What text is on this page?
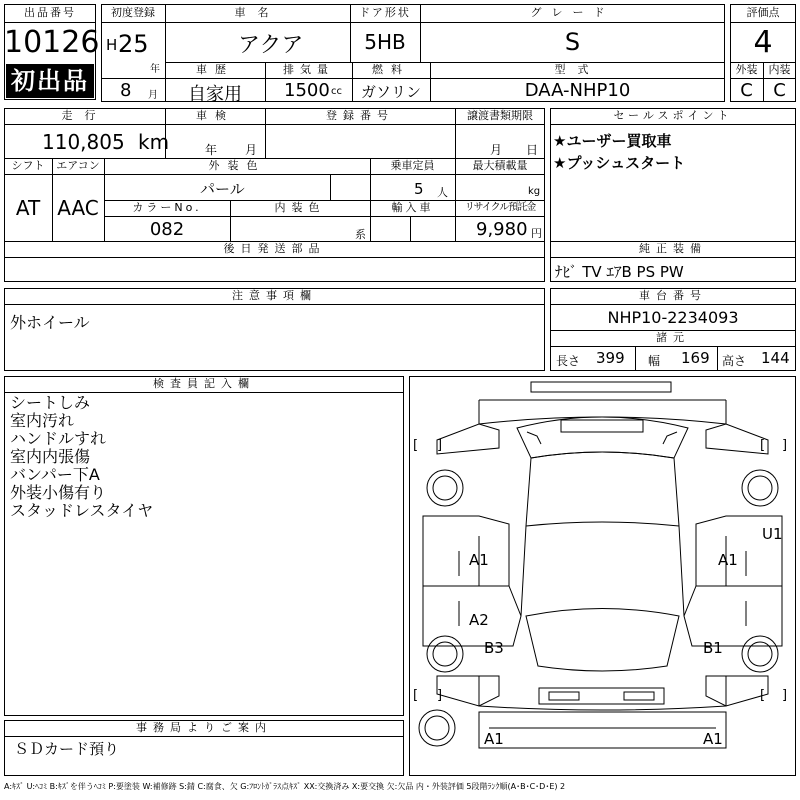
出品番号
10126
初出品
初度登録
H 25
年
8 月
車名
アクア
ドア形状
5HB
グレード
S
車歴
自家用
排気量
1500 cc
燃料
ガソリン
型式
DAA-NHP10
評価点
4
外装	内装
C	C
走行
110,805 km
車検
年 月
登録番号	譲渡書類期限
月 日
シフト
AT
エアコン
AAC
外装色
パール
乗車定員
5 人
最大積載量
kg
カラーNo.
082
内装色
系
輸入車	リサイクル預託金
9,980 円
後日発送部品
セールスポイント
★ユーザー買取車
★プッシュスタート
純正装備
ﾅﾋﾞ TV ｴｱB PS PW
注意事項欄
外ホイール
車台番号
NHP10-2234093
諸元
長さ 399 幅 169 高さ 144
検査員記入欄
シートしみ
室内汚れ
ハンドルすれ
室内内張傷
バンパー下A
外装小傷有り
スタッドレスタイヤ
事務局よりご案内
ＳＤカード預り
[ ]	[ ]
[ ]	[ ]
A1	A1
U1
A2
B3	B1
A1	A1
A:ｷｽﾞ U:ﾍｺﾐ B:ｷｽﾞを伴うﾍｺﾐ P:要塗装 W:補修跡 S:錆 C:腐食、欠 G:ﾌﾛﾝﾄｶﾞﾗｽ点ｷｽﾞ XX:交換済み X:要交換 欠:欠品 内・外装評価 5段階ﾗﾝｸ順(A･B･C･D･E) 2
